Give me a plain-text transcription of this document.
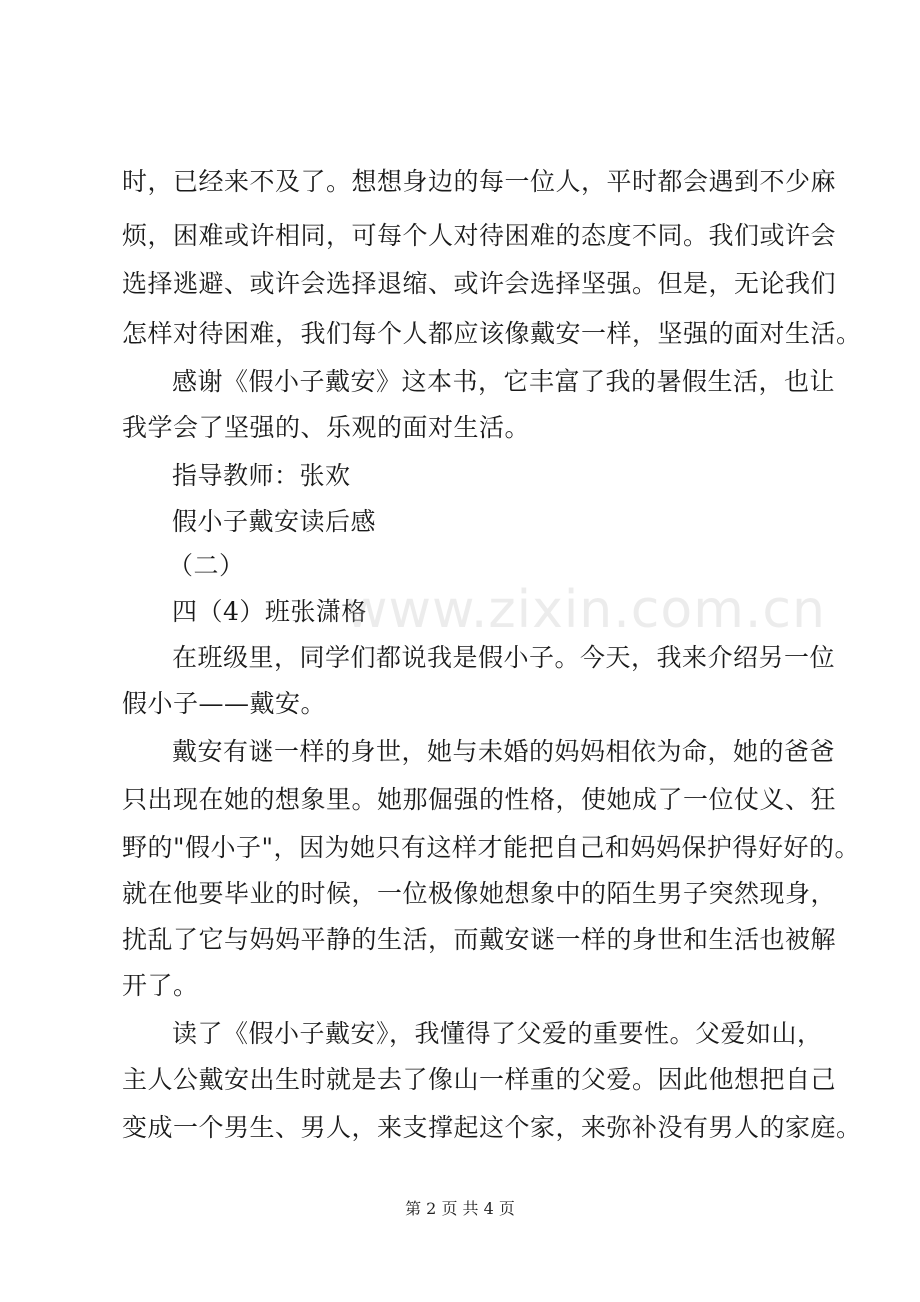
时，已经来不及了。想想身边的每一位人，平时都会遇到不少麻
烦，困难或许相同，可每个人对待困难的态度不同。我们或许会
选择逃避、或许会选择退缩、或许会选择坚强。但是，无论我们
怎样对待困难，我们每个人都应该像戴安一样，坚强的面对生活。
感谢《假小子戴安》这本书，它丰富了我的暑假生活，也让
我学会了坚强的、乐观的面对生活。
指导教师：张欢
假小子戴安读后感
（二）
四（4）班张潇格
在班级里，同学们都说我是假小子。今天，我来介绍另一位
假小子——戴安。
戴安有谜一样的身世，她与未婚的妈妈相依为命，她的爸爸
只出现在她的想象里。她那倔强的性格，使她成了一位仗义、狂
野的"假小子"，因为她只有这样才能把自己和妈妈保护得好好的。
就在他要毕业的时候，一位极像她想象中的陌生男子突然现身，
扰乱了它与妈妈平静的生活，而戴安谜一样的身世和生活也被解
开了。
读了《假小子戴安》，我懂得了父爱的重要性。父爱如山，
主人公戴安出生时就是去了像山一样重的父爱。因此他想把自己
变成一个男生、男人，来支撑起这个家，来弥补没有男人的家庭。
www.zixin.com.cn
第 2 页 共 4 页
